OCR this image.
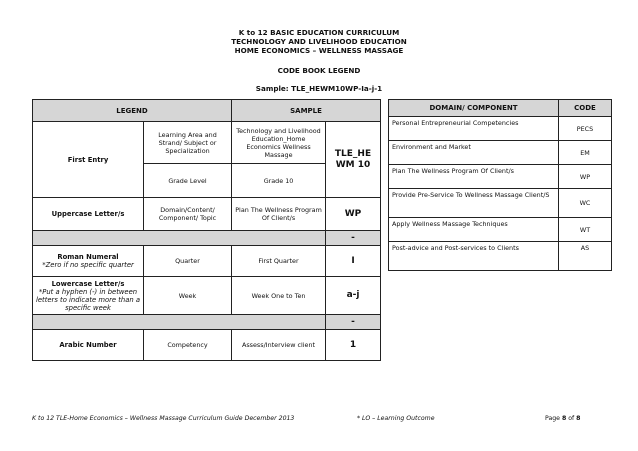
K to 12 BASIC EDUCATION CURRICULUM
TECHNOLOGY AND LIVELIHOOD EDUCATION
HOME ECONOMICS – WELLNESS MASSAGE
CODE BOOK LEGEND
Sample: TLE_HEWM10WP-Ia-j-1
LEGEND		SAMPLE	
First Entry	Learning Area and Strand/ Subject or Specialization	Technology and Livelihood Education_Home Economics Wellness Massage	TLE_HE WM 10
	Grade Level	Grade 10	
Uppercase Letter/s	Domain/Content/ Component/ Topic	Plan The Wellness Program Of Client/s	WP
			-
Roman Numeral
*Zero if no specific quarter	Quarter	First Quarter	I
Lowercase Letter/s
*Put a hyphen (-) in between letters to indicate more than a specific week	Week	Week One to Ten	a-j
			-
Arabic Number	Competency	Assess/Interview client	1
DOMAIN/ COMPONENT	CODE
Personal Entrepreneurial Competencies	PECS
Environment and Market	EM
Plan The Wellness Program Of Client/s	WP
Provide Pre-Service To Wellness Massage Client/S	WC
Apply Wellness Massage Techniques	WT
Post-advice and Post-services to Clients	AS
K to 12 TLE-Home Economics – Wellness Massage Curriculum Guide December 2013	* LO – Learning Outcome	Page 8 of 8
